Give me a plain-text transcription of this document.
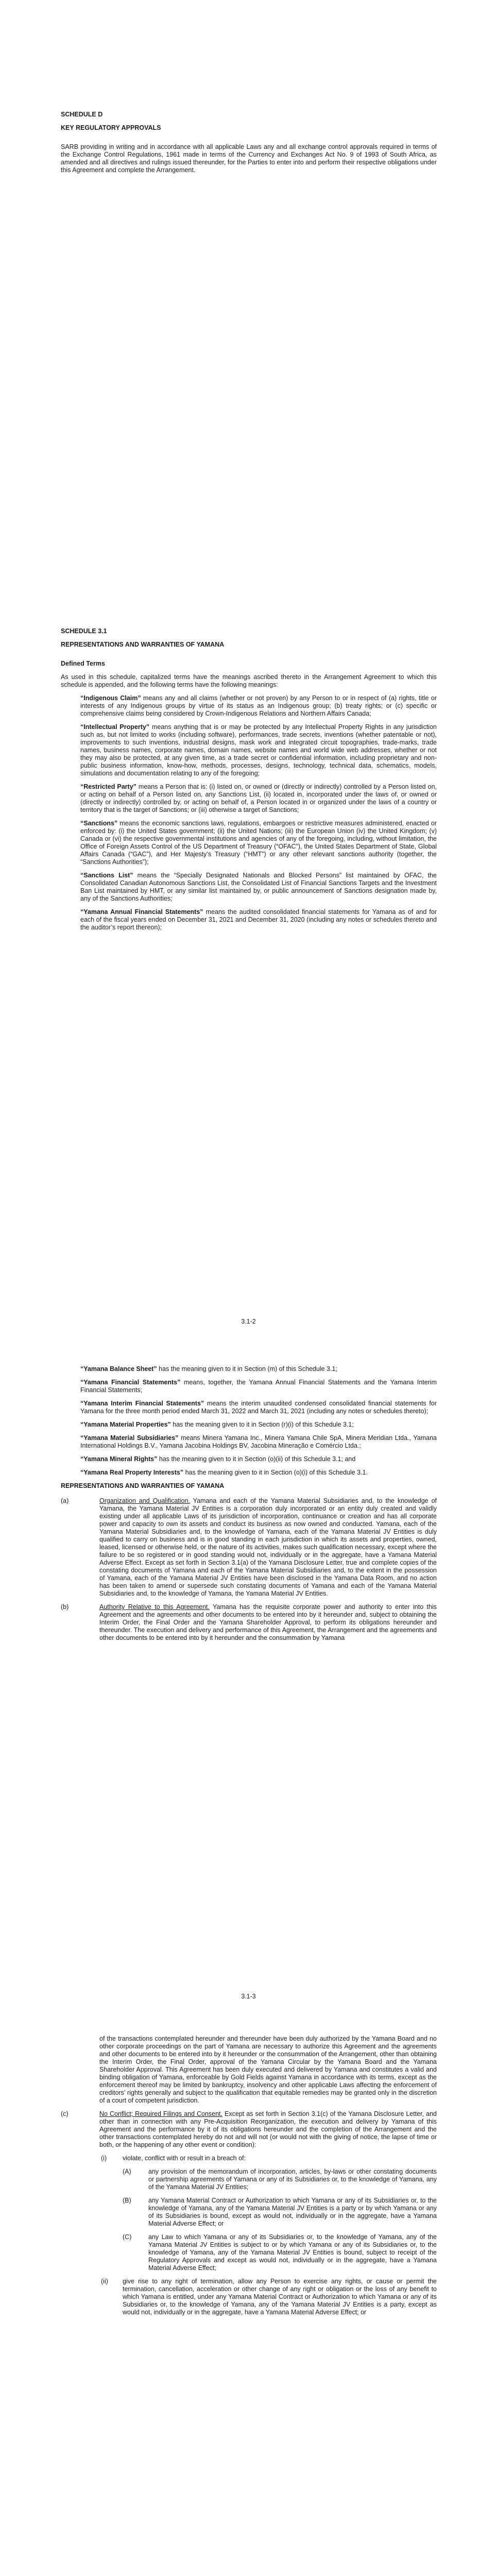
SCHEDULE D

KEY REGULATORY APPROVALS

SARB providing in writing and in accordance with all applicable Laws any and all exchange control approvals required in terms of the Exchange Control Regulations, 1961 made in terms of the Currency and Exchanges Act No. 9 of 1993 of South Africa, as amended and all directives and rulings issued thereunder, for the Parties to enter into and perform their respective obligations under this Agreement and complete the Arrangement.

SCHEDULE 3.1

REPRESENTATIONS AND WARRANTIES OF YAMANA

Defined Terms

As used in this schedule, capitalized terms have the meanings ascribed thereto in the Arrangement Agreement to which this schedule is appended, and the following terms have the following meanings:

“Indigenous Claim” means any and all claims (whether or not proven) by any Person to or in respect of (a) rights, title or interests of any Indigenous groups by virtue of its status as an Indigenous group; (b) treaty rights; or (c) specific or comprehensive claims being considered by Crown-Indigenous Relations and Northern Affairs Canada;

“Intellectual Property” means anything that is or may be protected by any Intellectual Property Rights in any jurisdiction such as, but not limited to works (including software), performances, trade secrets, inventions (whether patentable or not), improvements to such inventions, industrial designs, mask work and integrated circuit topographies, trade-marks, trade names, business names, corporate names, domain names, website names and world wide web addresses, whether or not they may also be protected, at any given time, as a trade secret or confidential information, including proprietary and non-public business information, know-how, methods, processes, designs, technology, technical data, schematics, models, simulations and documentation relating to any of the foregoing;

“Restricted Party” means a Person that is: (i) listed on, or owned or (directly or indirectly) controlled by a Person listed on, or acting on behalf of a Person listed on, any Sanctions List, (ii) located in, incorporated under the laws of, or owned or (directly or indirectly) controlled by, or acting on behalf of, a Person located in or organized under the laws of a country or territory that is the target of Sanctions; or (iii) otherwise a target of Sanctions;

“Sanctions” means the economic sanctions laws, regulations, embargoes or restrictive measures administered, enacted or enforced by: (i) the United States government; (ii) the United Nations; (iii) the European Union (iv) the United Kingdom; (v) Canada or (vi) the respective governmental institutions and agencies of any of the foregoing, including, without limitation, the Office of Foreign Assets Control of the US Department of Treasury (“OFAC”), the United States Department of State, Global Affairs Canada (“GAC”), and Her Majesty’s Treasury (“HMT”) or any other relevant sanctions authority (together, the “Sanctions Authorities”);

“Sanctions List” means the “Specially Designated Nationals and Blocked Persons” list maintained by OFAC, the Consolidated Canadian Autonomous Sanctions List, the Consolidated List of Financial Sanctions Targets and the Investment Ban List maintained by HMT, or any similar list maintained by, or public announcement of Sanctions designation made by, any of the Sanctions Authorities;

“Yamana Annual Financial Statements” means the audited consolidated financial statements for Yamana as of and for each of the fiscal years ended on December 31, 2021 and December 31, 2020 (including any notes or schedules thereto and the auditor’s report thereon);

3.1-2

“Yamana Balance Sheet” has the meaning given to it in Section (m) of this Schedule 3.1;

“Yamana Financial Statements” means, together, the Yamana Annual Financial Statements and the Yamana Interim Financial Statements;

“Yamana Interim Financial Statements” means the interim unaudited condensed consolidated financial statements for Yamana for the three month period ended March 31, 2022 and March 31, 2021 (including any notes or schedules thereto);

“Yamana Material Properties” has the meaning given to it in Section (r)(i) of this Schedule 3.1;

“Yamana Material Subsidiaries” means Minera Yamana Inc., Minera Yamana Chile SpA, Minera Meridian Ltda., Yamana International Holdings B.V., Yamana Jacobina Holdings BV, Jacobina Mineração e Comércio Ltda.;

“Yamana Mineral Rights” has the meaning given to it in Section (o)(ii) of this Schedule 3.1; and

“Yamana Real Property Interests” has the meaning given to it in Section (o)(i) of this Schedule 3.1.

REPRESENTATIONS AND WARRANTIES OF YAMANA

(a)	Organization and Qualification. Yamana and each of the Yamana Material Subsidiaries and, to the knowledge of Yamana, the Yamana Material JV Entities is a corporation duly incorporated or an entity duly created and validly existing under all applicable Laws of its jurisdiction of incorporation, continuance or creation and has all corporate power and capacity to own its assets and conduct its business as now owned and conducted. Yamana, each of the Yamana Material Subsidiaries and, to the knowledge of Yamana, each of the Yamana Material JV Entities is duly qualified to carry on business and is in good standing in each jurisdiction in which its assets and properties, owned, leased, licensed or otherwise held, or the nature of its activities, makes such qualification necessary, except where the failure to be so registered or in good standing would not, individually or in the aggregate, have a Yamana Material Adverse Effect. Except as set forth in Section 3.1(a) of the Yamana Disclosure Letter, true and complete copies of the constating documents of Yamana and each of the Yamana Material Subsidiaries and, to the extent in the possession of Yamana, each of the Yamana Material JV Entities have been disclosed in the Yamana Data Room, and no action has been taken to amend or supersede such constating documents of Yamana and each of the Yamana Material Subsidiaries and, to the knowledge of Yamana, the Yamana Material JV Entities.

(b)	Authority Relative to this Agreement. Yamana has the requisite corporate power and authority to enter into this Agreement and the agreements and other documents to be entered into by it hereunder and, subject to obtaining the Interim Order, the Final Order and the Yamana Shareholder Approval, to perform its obligations hereunder and thereunder. The execution and delivery and performance of this Agreement, the Arrangement and the agreements and other documents to be entered into by it hereunder and the consummation by Yamana

3.1-3

of the transactions contemplated hereunder and thereunder have been duly authorized by the Yamana Board and no other corporate proceedings on the part of Yamana are necessary to authorize this Agreement and the agreements and other documents to be entered into by it hereunder or the consummation of the Arrangement, other than obtaining the Interim Order, the Final Order, approval of the Yamana Circular by the Yamana Board and the Yamana Shareholder Approval. This Agreement has been duly executed and delivered by Yamana and constitutes a valid and binding obligation of Yamana, enforceable by Gold Fields against Yamana in accordance with its terms, except as the enforcement thereof may be limited by bankruptcy, insolvency and other applicable Laws affecting the enforcement of creditors’ rights generally and subject to the qualification that equitable remedies may be granted only in the discretion of a court of competent jurisdiction.

(c)	No Conflict; Required Filings and Consent. Except as set forth in Section 3.1(c) of the Yamana Disclosure Letter, and other than in connection with any Pre-Acquisition Reorganization, the execution and delivery by Yamana of this Agreement and the performance by it of its obligations hereunder and the completion of the Arrangement and the other transactions contemplated hereby do not and will not (or would not with the giving of notice, the lapse of time or both, or the happening of any other event or condition):

(i) violate, conflict with or result in a breach of:

(A)	any provision of the memorandum of incorporation, articles, by-laws or other constating documents or partnership agreements of Yamana or any of its Subsidiaries or, to the knowledge of Yamana, any of the Yamana Material JV Entities;

(B)	any Yamana Material Contract or Authorization to which Yamana or any of its Subsidiaries or, to the knowledge of Yamana, any of the Yamana Material JV Entities is a party or by which Yamana or any of its Subsidiaries is bound, except as would not, individually or in the aggregate, have a Yamana Material Adverse Effect; or

(C)	any Law to which Yamana or any of its Subsidiaries or, to the knowledge of Yamana, any of the Yamana Material JV Entities is subject to or by which Yamana or any of its Subsidiaries or, to the knowledge of Yamana, any of the Yamana Material JV Entities is bound, subject to receipt of the Regulatory Approvals and except as would not, individually or in the aggregate, have a Yamana Material Adverse Effect;

(ii) give rise to any right of termination, allow any Person to exercise any rights, or cause or permit the termination, cancellation, acceleration or other change of any right or obligation or the loss of any benefit to which Yamana is entitled, under any Yamana Material Contract or Authorization to which Yamana or any of its Subsidiaries or, to the knowledge of Yamana, any of the Yamana Material JV Entities is a party, except as would not, individually or in the aggregate, have a Yamana Material Adverse Effect; or
